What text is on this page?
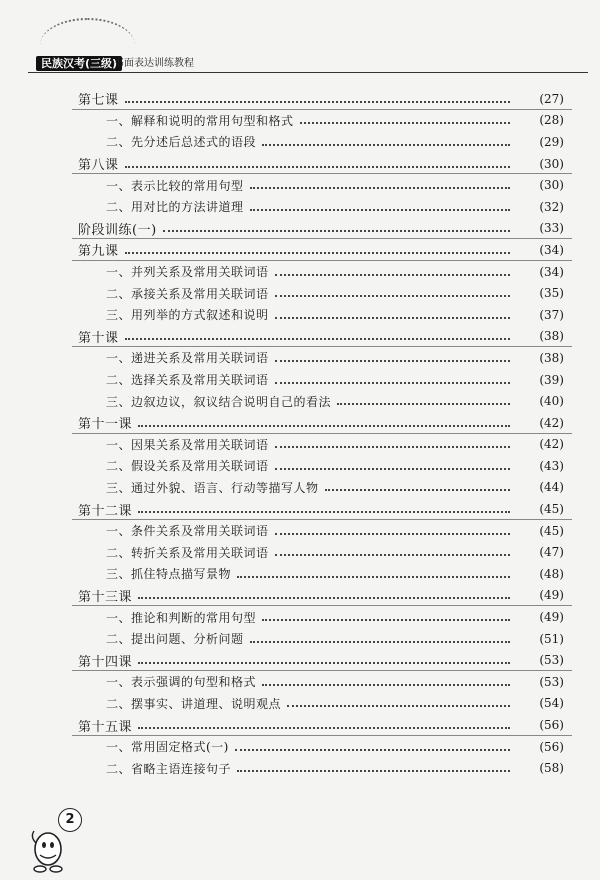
民族汉考(三级)
书面表达训练教程
第七课	(27)
一、解释和说明的常用句型和格式	(28)
二、先分述后总述式的语段	(29)
第八课	(30)
一、表示比较的常用句型	(30)
二、用对比的方法讲道理	(32)
阶段训练(一)	(33)
第九课	(34)
一、并列关系及常用关联词语	(34)
二、承接关系及常用关联词语	(35)
三、用列举的方式叙述和说明	(37)
第十课	(38)
一、递进关系及常用关联词语	(38)
二、选择关系及常用关联词语	(39)
三、边叙边议，叙议结合说明自己的看法	(40)
第十一课	(42)
一、因果关系及常用关联词语	(42)
二、假设关系及常用关联词语	(43)
三、通过外貌、语言、行动等描写人物	(44)
第十二课	(45)
一、条件关系及常用关联词语	(45)
二、转折关系及常用关联词语	(47)
三、抓住特点描写景物	(48)
第十三课	(49)
一、推论和判断的常用句型	(49)
二、提出问题、分析问题	(51)
第十四课	(53)
一、表示强调的句型和格式	(53)
二、摆事实、讲道理、说明观点	(54)
第十五课	(56)
一、常用固定格式(一)	(56)
二、省略主语连接句子	(58)
2
